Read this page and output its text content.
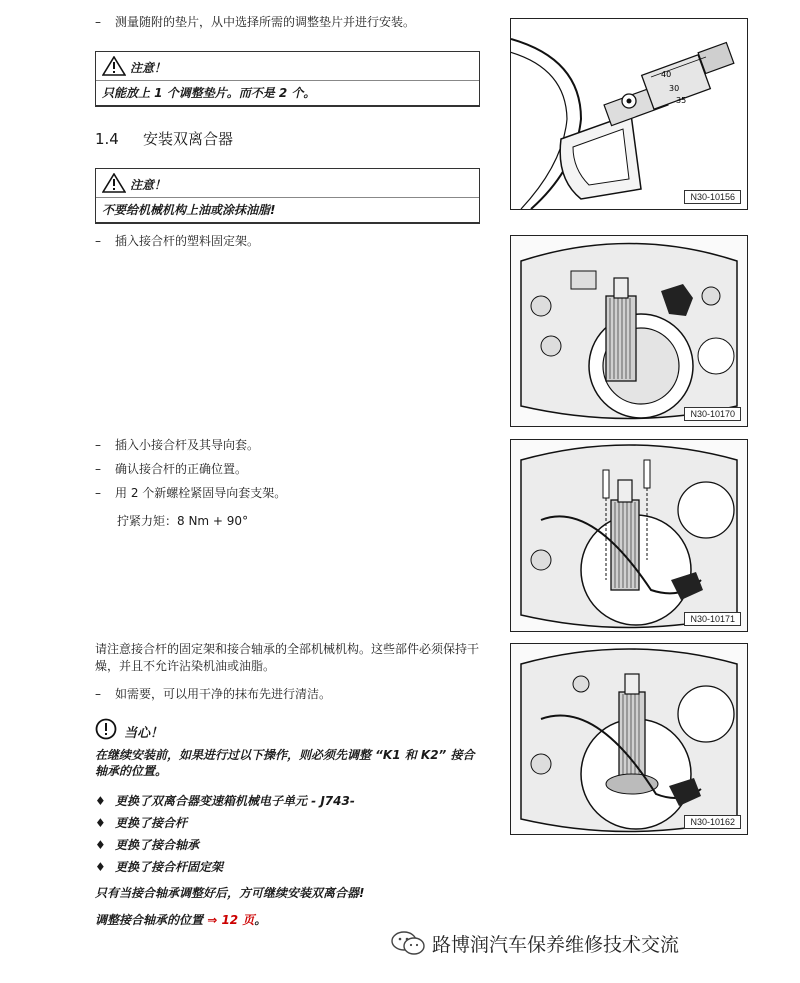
– 测量随附的垫片，从中选择所需的调整垫片并进行安装。
注意！
只能放上 1 个调整垫片。而不是 2 个。
1.4 安装双离合器
注意！
不要给机械机构上油或涂抹油脂!
– 插入接合杆的塑料固定架。
– 插入小接合杆及其导向套。
– 确认接合杆的正确位置。
– 用 2 个新螺栓紧固导向套支架。
拧紧力矩：8 Nm + 90°
请注意接合杆的固定架和接合轴承的全部机械机构。这些部件必须保持干燥，并且不允许沾染机油或油脂。
– 如需要，可以用干净的抹布先进行清洁。
当心！
在继续安装前，如果进行过以下操作，则必须先调整 “K1 和 K2” 接合轴承的位置。
♦ 更换了双离合器变速箱机械电子单元 - J743-
♦ 更换了接合杆
♦ 更换了接合轴承
♦ 更换了接合杆固定架
只有当接合轴承调整好后，方可继续安装双离合器!
调整接合轴承的位置 ⇒ 12 页。
40
30
35
N30-10156
N30-10170
N30-10171
N30-10162
路博润汽车保养维修技术交流
